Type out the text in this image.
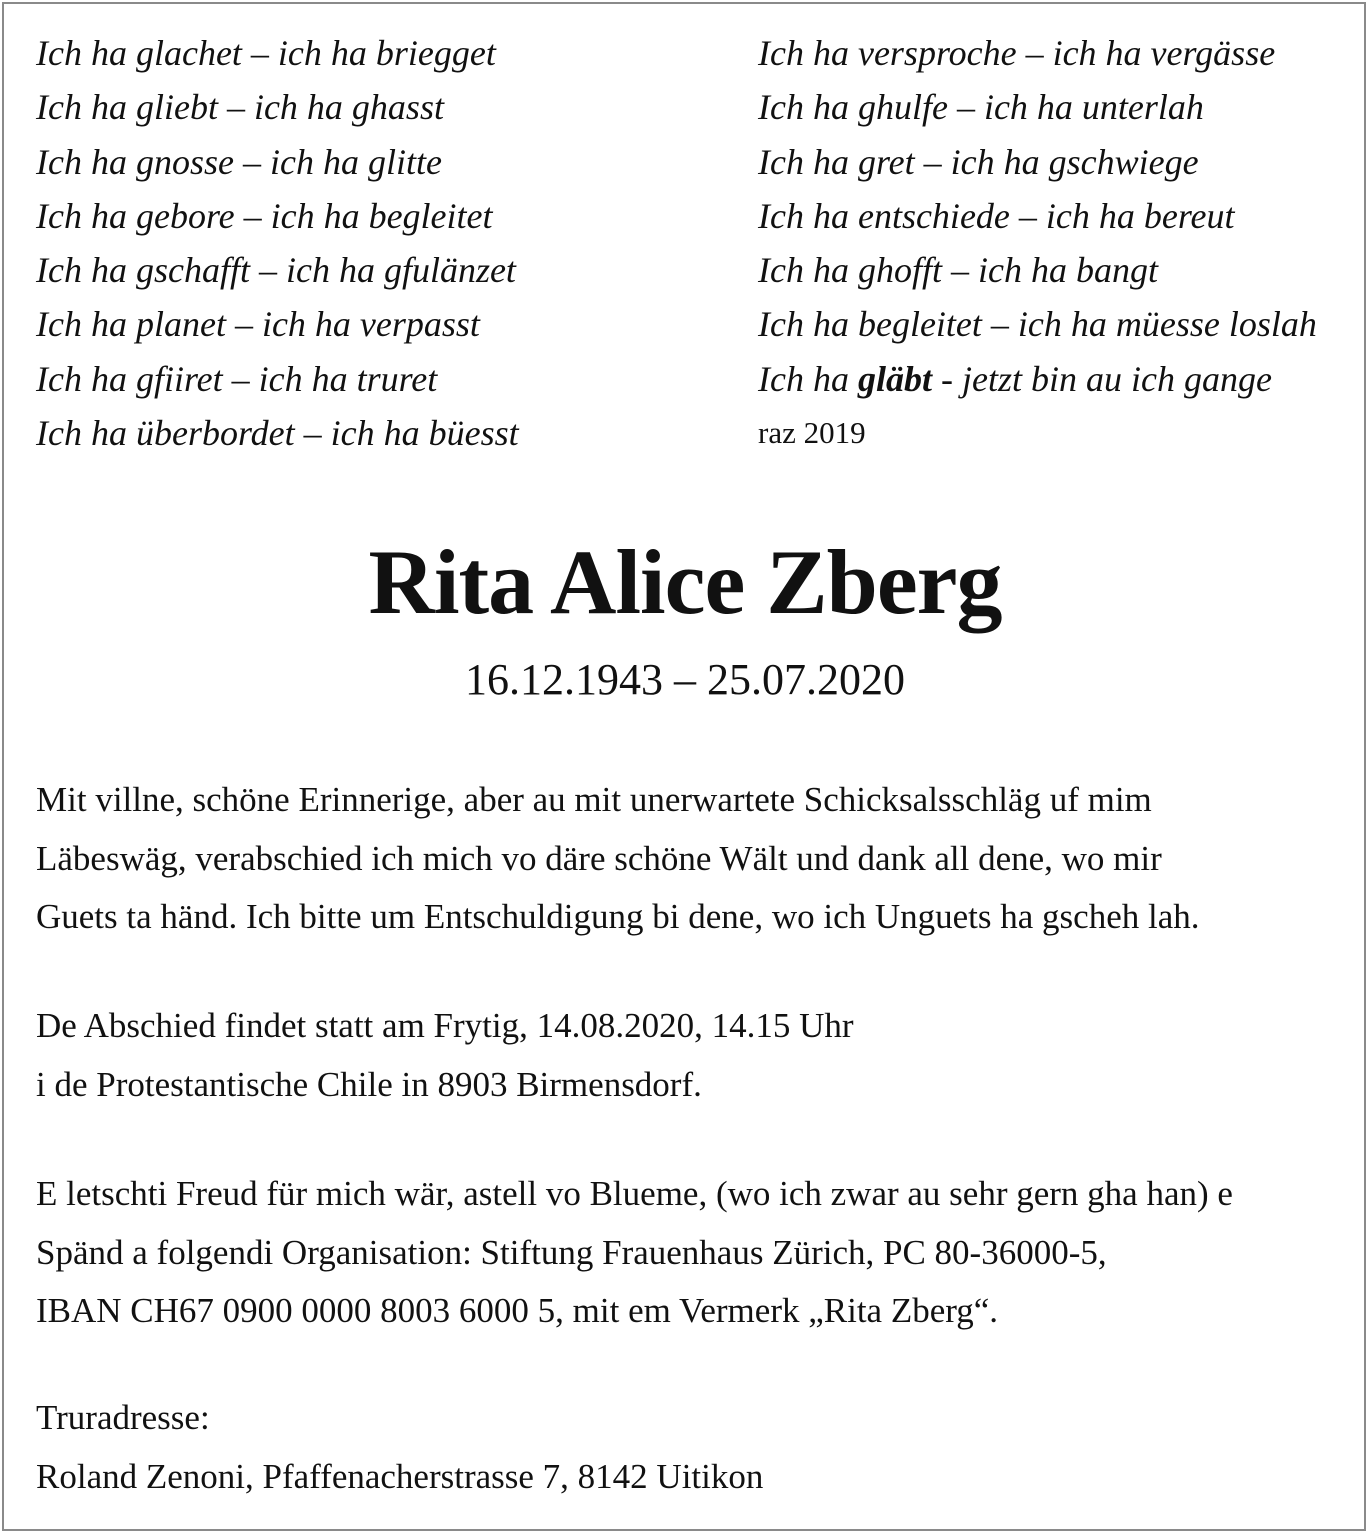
Ich ha glachet – ich ha briegget
Ich ha gliebt – ich ha ghasst
Ich ha gnosse – ich ha glitte
Ich ha gebore – ich ha begleitet
Ich ha gschafft – ich ha gfulänzet
Ich ha planet – ich ha verpasst
Ich ha gfiiret – ich ha truret
Ich ha überbordet – ich ha büesst
Ich ha versproche – ich ha vergässe
Ich ha ghulfe – ich ha unterlah
Ich ha gret – ich ha gschwiege
Ich ha entschiede – ich ha bereut
Ich ha ghofft – ich ha bangt
Ich ha begleitet – ich ha müesse loslah
Ich ha gläbt - jetzt bin au ich gange
raz 2019
Rita Alice Zberg
16.12.1943 – 25.07.2020
Mit villne, schöne Erinnerige, aber au mit unerwartete Schicksalsschläg uf mim
Läbeswäg, verabschied ich mich vo däre schöne Wält und dank all dene, wo mir
Guets ta händ. Ich bitte um Entschuldigung bi dene, wo ich Unguets ha gscheh lah.
De Abschied findet statt am Frytig, 14.08.2020, 14.15 Uhr
i de Protestantische Chile in 8903 Birmensdorf.
E letschti Freud für mich wär, astell vo Blueme, (wo ich zwar au sehr gern gha han) e
Spänd a folgendi Organisation: Stiftung Frauenhaus Zürich, PC 80-36000-5,
IBAN CH67 0900 0000 8003 6000 5, mit em Vermerk „Rita Zberg“.
Truradresse:
Roland Zenoni, Pfaffenacherstrasse 7, 8142 Uitikon
